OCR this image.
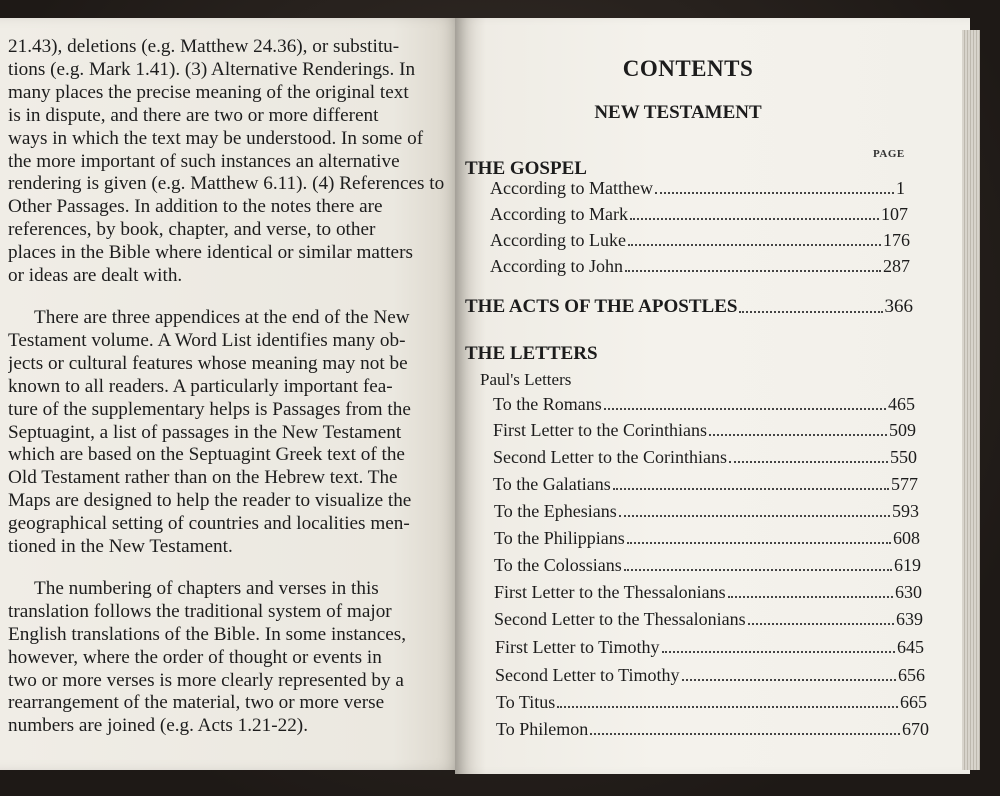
21.43), deletions (e.g. Matthew 24.36), or substitu-
tions (e.g. Mark 1.41). (3) Alternative Renderings. In
many places the precise meaning of the original text
is in dispute, and there are two or more different
ways in which the text may be understood. In some of
the more important of such instances an alternative
rendering is given (e.g. Matthew 6.11). (4) References to
Other Passages. In addition to the notes there are
references, by book, chapter, and verse, to other
places in the Bible where identical or similar matters
or ideas are dealt with.

There are three appendices at the end of the New
Testament volume. A Word List identifies many ob-
jects or cultural features whose meaning may not be
known to all readers. A particularly important fea-
ture of the supplementary helps is Passages from the
Septuagint, a list of passages in the New Testament
which are based on the Septuagint Greek text of the
Old Testament rather than on the Hebrew text. The
Maps are designed to help the reader to visualize the
geographical setting of countries and localities men-
tioned in the New Testament.

The numbering of chapters and verses in this
translation follows the traditional system of major
English translations of the Bible. In some instances,
however, where the order of thought or events in
two or more verses is more clearly represented by a
rearrangement of the material, two or more verse
numbers are joined (e.g. Acts 1.21-22).

CONTENTS
NEW TESTAMENT
PAGE
THE GOSPEL
According to Matthew	1
According to Mark	107
According to Luke	176
According to John	287
THE ACTS OF THE APOSTLES	366
THE LETTERS
Paul's Letters
To the Romans	465
First Letter to the Corinthians	509
Second Letter to the Corinthians	550
To the Galatians	577
To the Ephesians	593
To the Philippians	608
To the Colossians	619
First Letter to the Thessalonians	630
Second Letter to the Thessalonians	639
First Letter to Timothy	645
Second Letter to Timothy	656
To Titus	665
To Philemon	670
